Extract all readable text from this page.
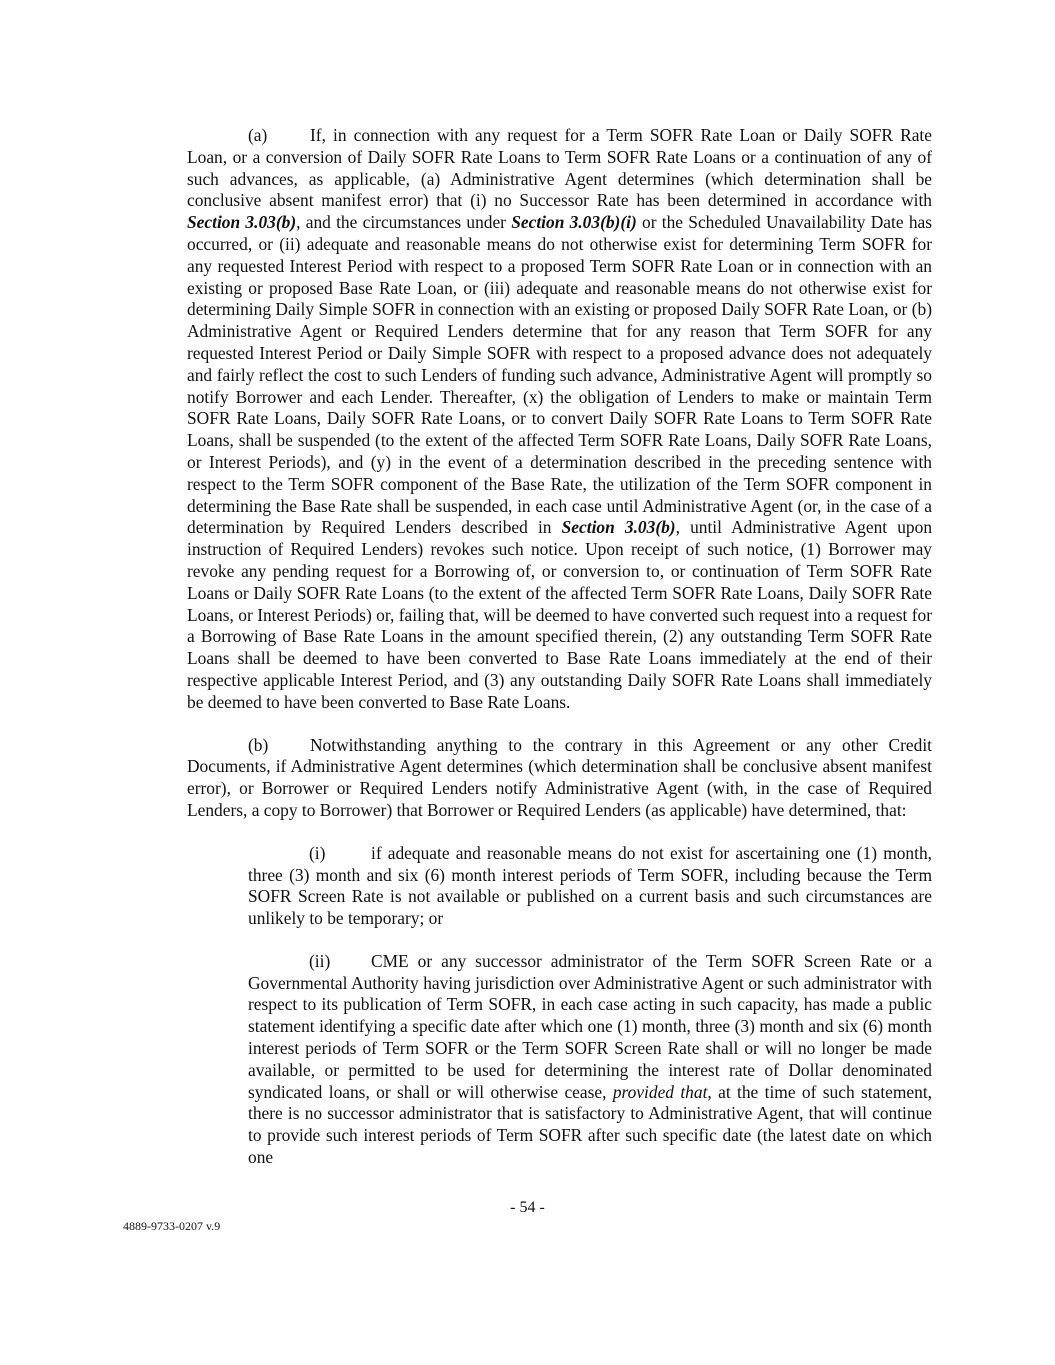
(a) If, in connection with any request for a Term SOFR Rate Loan or Daily SOFR Rate Loan, or a conversion of Daily SOFR Rate Loans to Term SOFR Rate Loans or a continuation of any of such advances, as applicable, (a) Administrative Agent determines (which determination shall be conclusive absent manifest error) that (i) no Successor Rate has been determined in accordance with Section 3.03(b), and the circumstances under Section 3.03(b)(i) or the Scheduled Unavailability Date has occurred, or (ii) adequate and reasonable means do not otherwise exist for determining Term SOFR for any requested Interest Period with respect to a proposed Term SOFR Rate Loan or in connection with an existing or proposed Base Rate Loan, or (iii) adequate and reasonable means do not otherwise exist for determining Daily Simple SOFR in connection with an existing or proposed Daily SOFR Rate Loan, or (b) Administrative Agent or Required Lenders determine that for any reason that Term SOFR for any requested Interest Period or Daily Simple SOFR with respect to a proposed advance does not adequately and fairly reflect the cost to such Lenders of funding such advance, Administrative Agent will promptly so notify Borrower and each Lender. Thereafter, (x) the obligation of Lenders to make or maintain Term SOFR Rate Loans, Daily SOFR Rate Loans, or to convert Daily SOFR Rate Loans to Term SOFR Rate Loans, shall be suspended (to the extent of the affected Term SOFR Rate Loans, Daily SOFR Rate Loans, or Interest Periods), and (y) in the event of a determination described in the preceding sentence with respect to the Term SOFR component of the Base Rate, the utilization of the Term SOFR component in determining the Base Rate shall be suspended, in each case until Administrative Agent (or, in the case of a determination by Required Lenders described in Section 3.03(b), until Administrative Agent upon instruction of Required Lenders) revokes such notice. Upon receipt of such notice, (1) Borrower may revoke any pending request for a Borrowing of, or conversion to, or continuation of Term SOFR Rate Loans or Daily SOFR Rate Loans (to the extent of the affected Term SOFR Rate Loans, Daily SOFR Rate Loans, or Interest Periods) or, failing that, will be deemed to have converted such request into a request for a Borrowing of Base Rate Loans in the amount specified therein, (2) any outstanding Term SOFR Rate Loans shall be deemed to have been converted to Base Rate Loans immediately at the end of their respective applicable Interest Period, and (3) any outstanding Daily SOFR Rate Loans shall immediately be deemed to have been converted to Base Rate Loans.

(b) Notwithstanding anything to the contrary in this Agreement or any other Credit Documents, if Administrative Agent determines (which determination shall be conclusive absent manifest error), or Borrower or Required Lenders notify Administrative Agent (with, in the case of Required Lenders, a copy to Borrower) that Borrower or Required Lenders (as applicable) have determined, that:

(i)	if adequate and reasonable means do not exist for ascertaining one (1) month, three (3) month and six (6) month interest periods of Term SOFR, including because the Term SOFR Screen Rate is not available or published on a current basis and such circumstances are unlikely to be temporary; or

(ii) CME or any successor administrator of the Term SOFR Screen Rate or a Governmental Authority having jurisdiction over Administrative Agent or such administrator with respect to its publication of Term SOFR, in each case acting in such capacity, has made a public statement identifying a specific date after which one (1) month, three (3) month and six (6) month interest periods of Term SOFR or the Term SOFR Screen Rate shall or will no longer be made available, or permitted to be used for determining the interest rate of Dollar denominated syndicated loans, or shall or will otherwise cease, provided that, at the time of such statement, there is no successor administrator that is satisfactory to Administrative Agent, that will continue to provide such interest periods of Term SOFR after such specific date (the latest date on which one

- 54 -
4889-9733-0207 v.9
